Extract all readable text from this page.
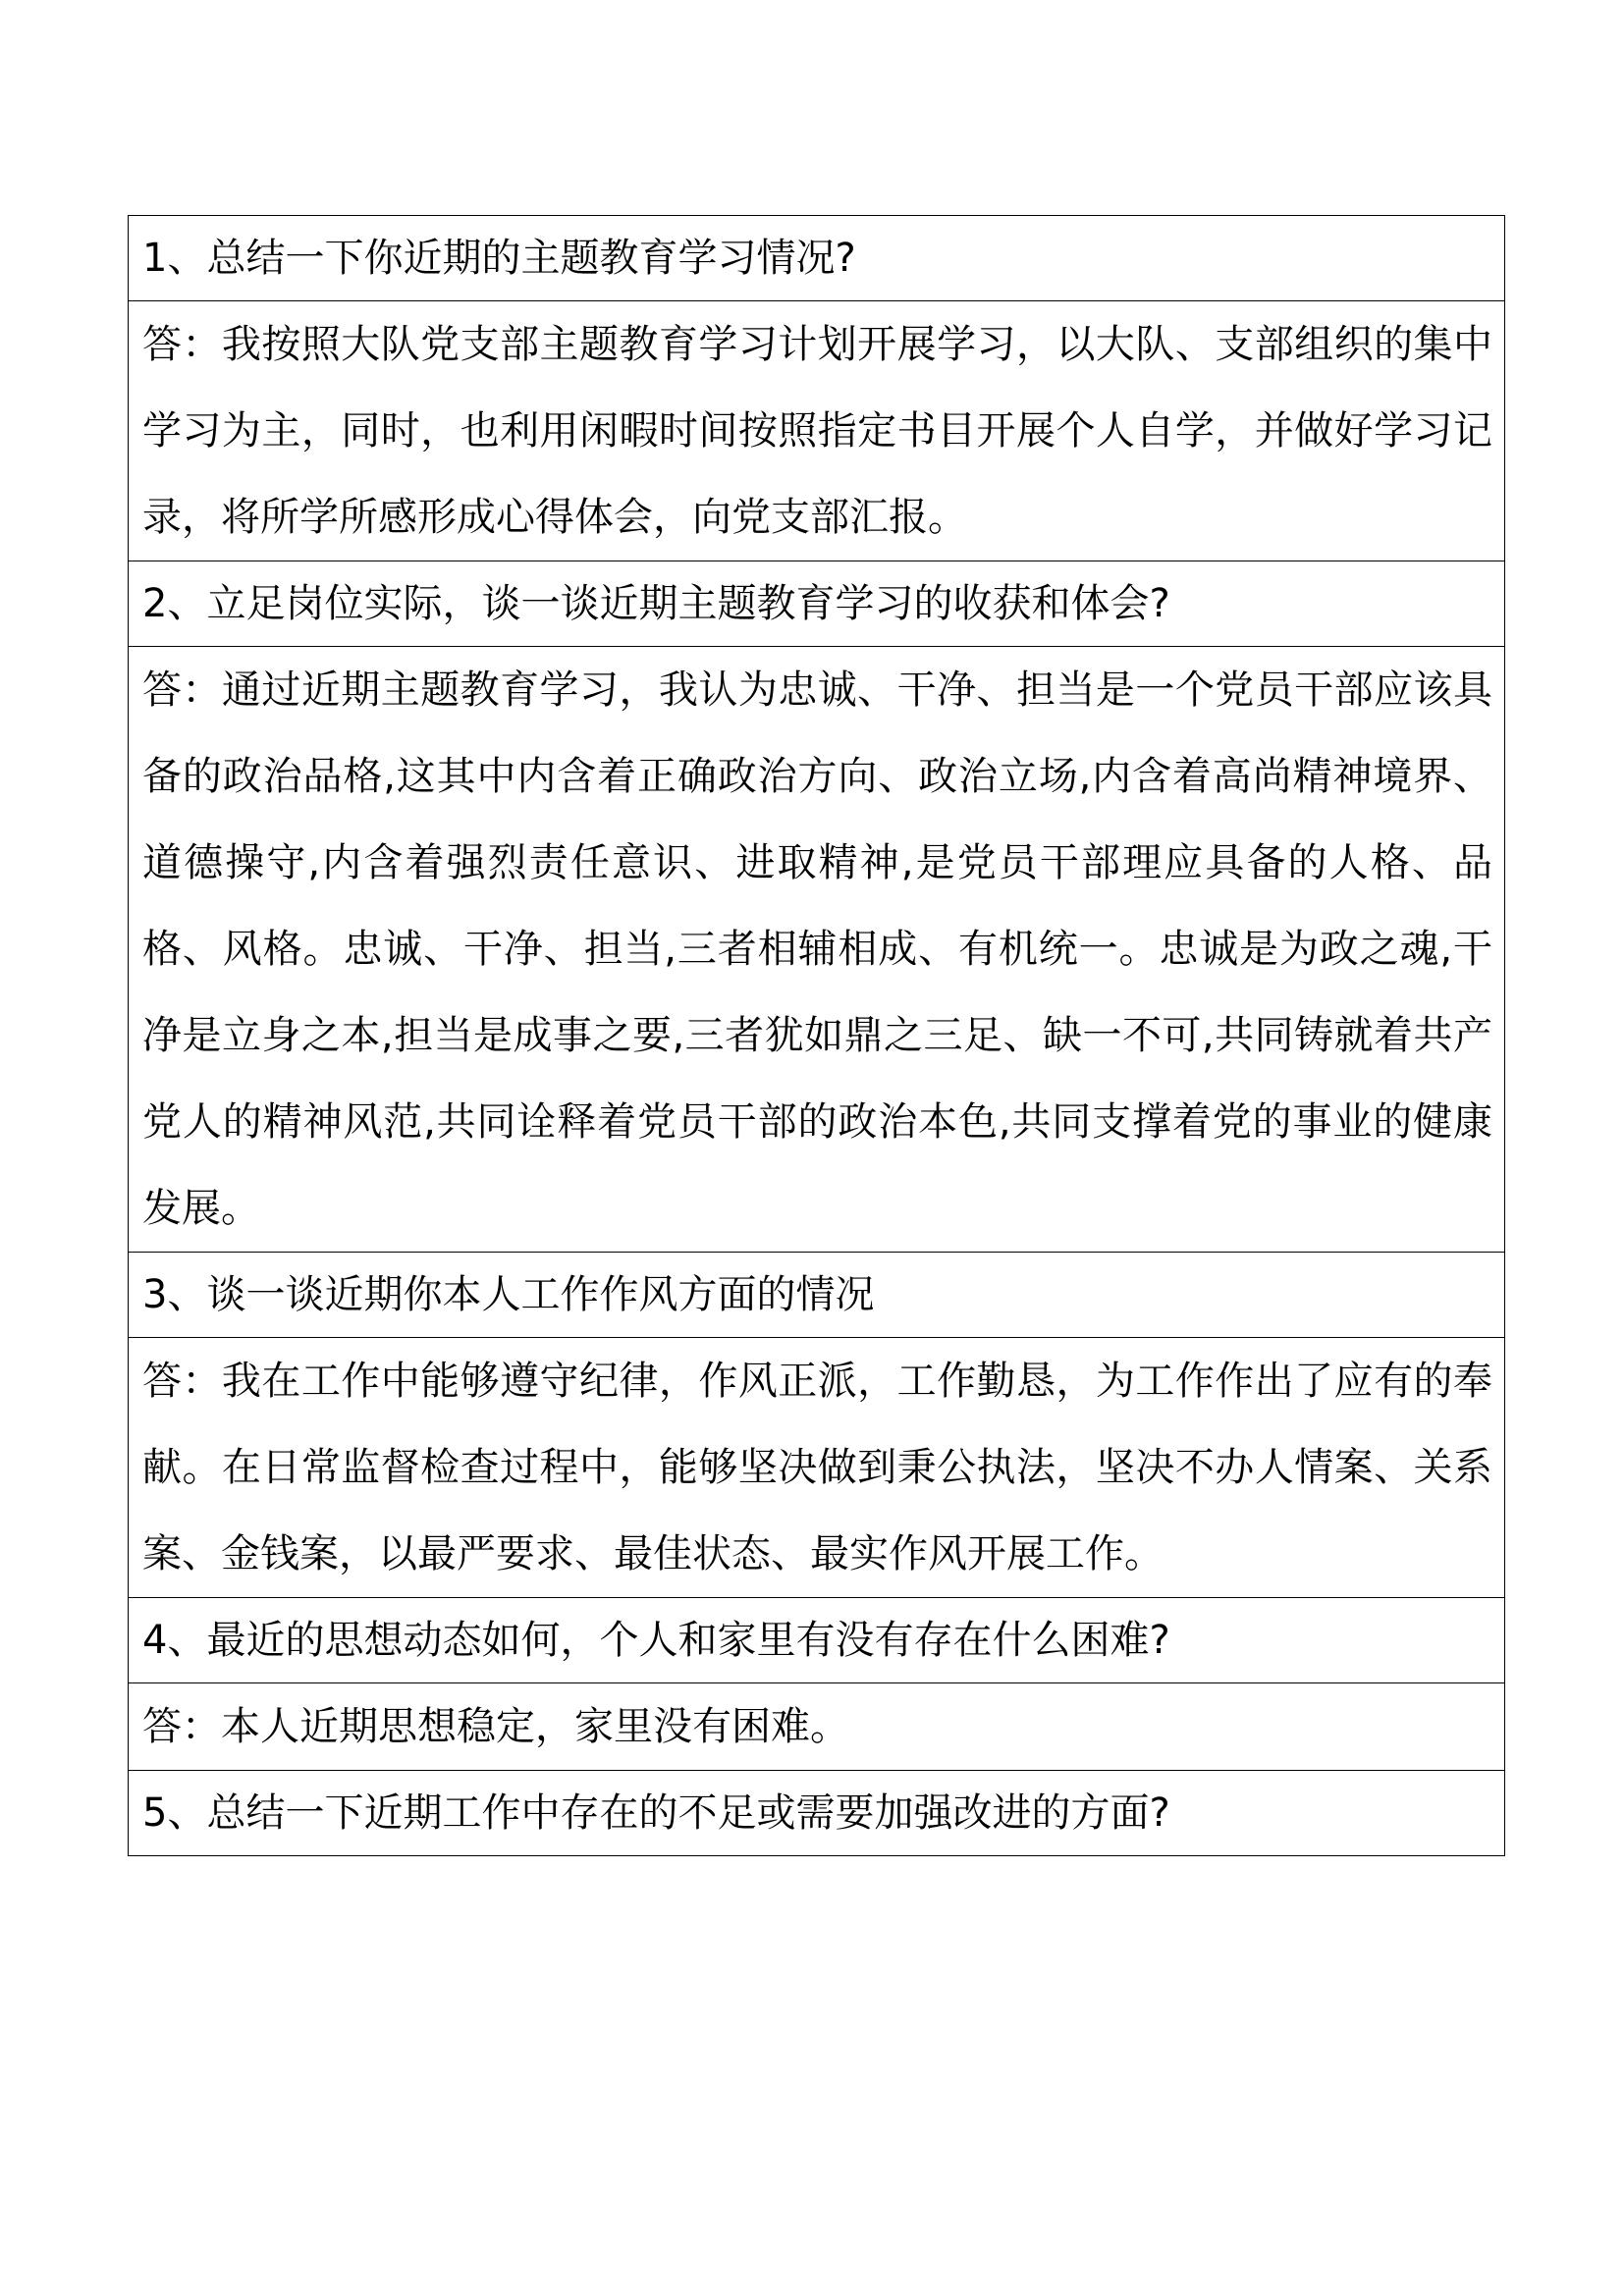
1、总结一下你近期的主题教育学习情况?

答：我按照大队党支部主题教育学习计划开展学习，以大队、支部组织的集中学习为主，同时，也利用闲暇时间按照指定书目开展个人自学，并做好学习记录，将所学所感形成心得体会，向党支部汇报。

2、立足岗位实际，谈一谈近期主题教育学习的收获和体会?

答：通过近期主题教育学习，我认为忠诚、干净、担当是一个党员干部应该具备的政治品格,这其中内含着正确政治方向、政治立场,内含着高尚精神境界、道德操守,内含着强烈责任意识、进取精神,是党员干部理应具备的人格、品格、风格。忠诚、干净、担当,三者相辅相成、有机统一。忠诚是为政之魂,干净是立身之本,担当是成事之要,三者犹如鼎之三足、缺一不可,共同铸就着共产党人的精神风范,共同诠释着党员干部的政治本色,共同支撑着党的事业的健康发展。

3、谈一谈近期你本人工作作风方面的情况

答：我在工作中能够遵守纪律，作风正派，工作勤恳，为工作作出了应有的奉献。在日常监督检查过程中，能够坚决做到秉公执法，坚决不办人情案、关系案、金钱案，以最严要求、最佳状态、最实作风开展工作。

4、最近的思想动态如何，个人和家里有没有存在什么困难?

答：本人近期思想稳定，家里没有困难。

5、总结一下近期工作中存在的不足或需要加强改进的方面?
